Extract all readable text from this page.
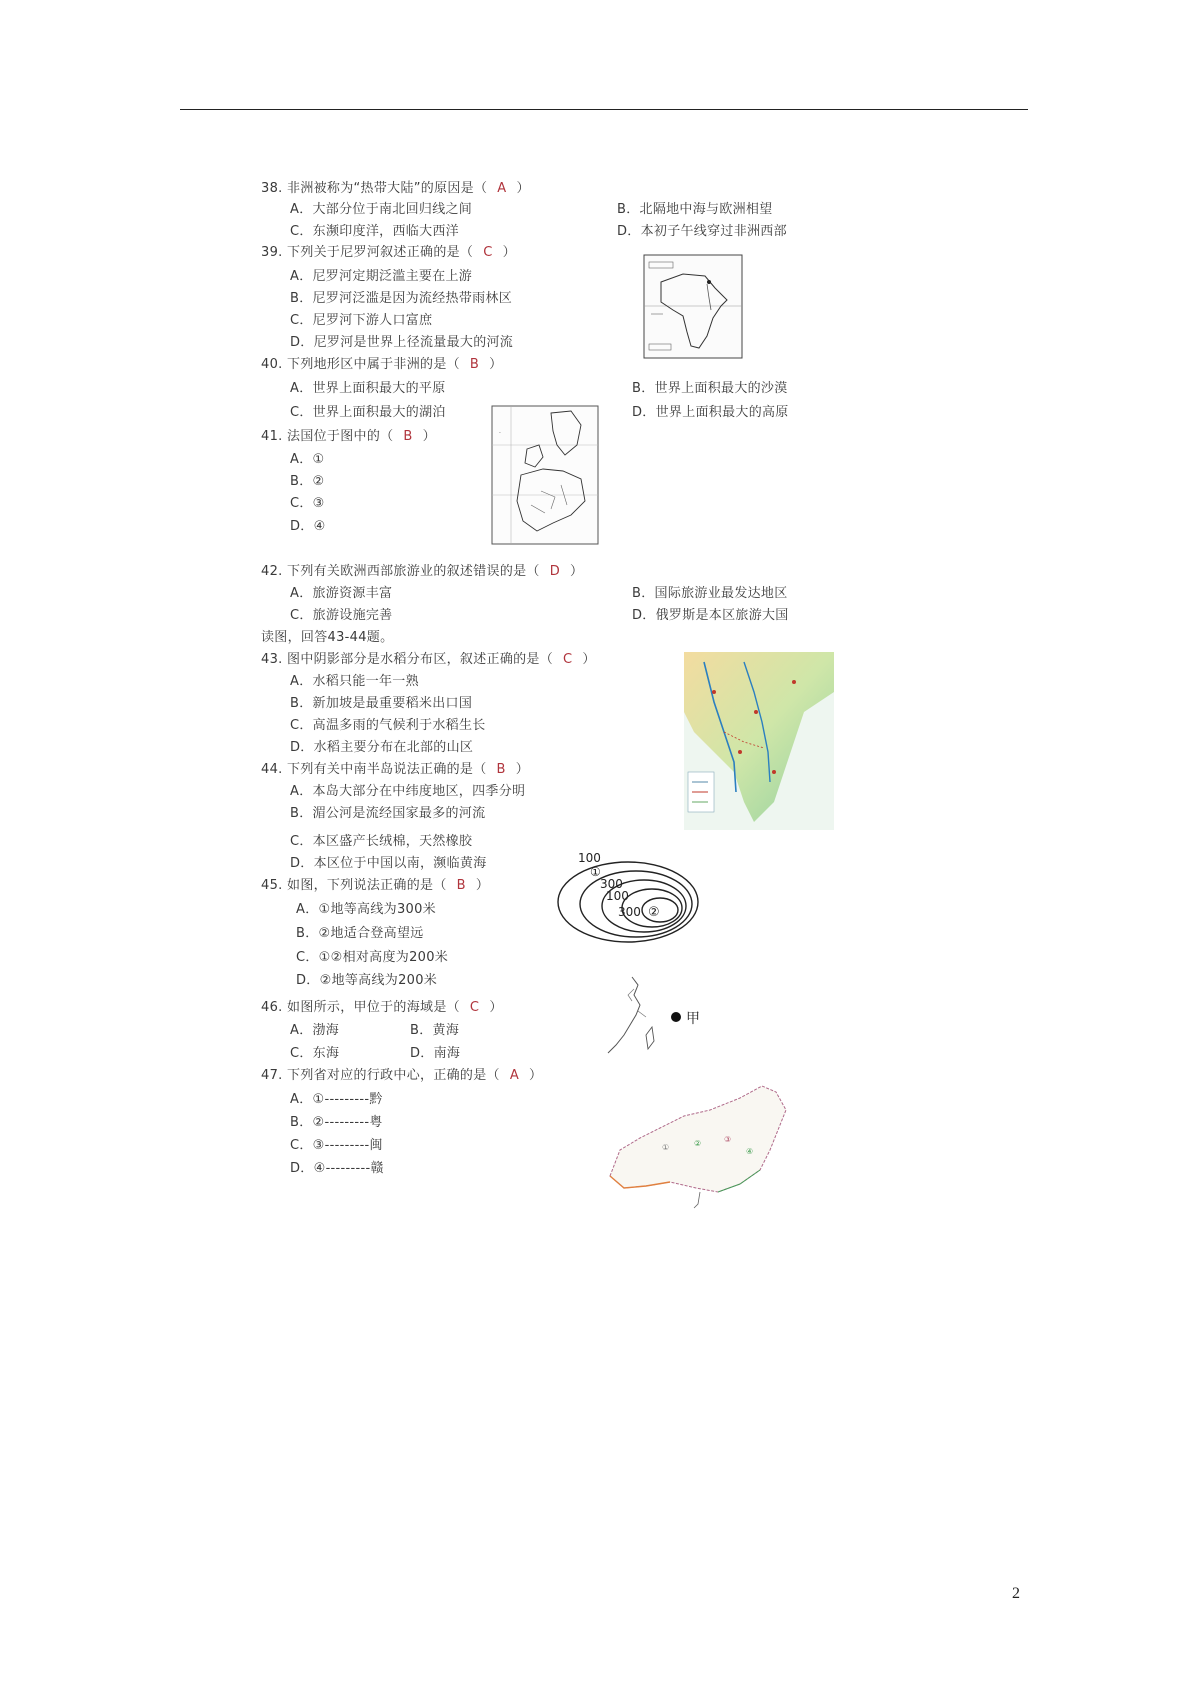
38. 非洲被称为“热带大陆”的原因是（ A ）
A．大部分位于南北回归线之间	B．北隔地中海与欧洲相望
C．东濒印度洋，西临大西洋	D．本初子午线穿过非洲西部
39. 下列关于尼罗河叙述正确的是（ C ）
A．尼罗河定期泛滥主要在上游
B．尼罗河泛滥是因为流经热带雨林区
C．尼罗河下游人口富庶
D．尼罗河是世界上径流量最大的河流
40. 下列地形区中属于非洲的是（ B ）
A．世界上面积最大的平原	B．世界上面积最大的沙漠
C．世界上面积最大的湖泊	D．世界上面积最大的高原
·
41. 法国位于图中的（ B ）
A．①
B．②
C．③
D．④
42. 下列有关欧洲西部旅游业的叙述错误的是（ D ）
A．旅游资源丰富	B．国际旅游业最发达地区
C．旅游设施完善	D．俄罗斯是本区旅游大国
读图，回答43-44题。
43. 图中阴影部分是水稻分布区，叙述正确的是（ C ）
A．水稻只能一年一熟
B．新加坡是最重要稻米出口国
C．高温多雨的气候利于水稻生长
D．水稻主要分布在北部的山区
44. 下列有关中南半岛说法正确的是（ B ）
A．本岛大部分在中纬度地区，四季分明
B．湄公河是流经国家最多的河流
C．本区盛产长绒棉，天然橡胶
D．本区位于中国以南，濒临黄海	100
①
300
100
300 ②
45. 如图，下列说法正确的是（ B ）
A．①地等高线为300米
B．②地适合登高望远
C．①②相对高度为200米
D．②地等高线为200米
甲
46. 如图所示，甲位于的海域是（ C ）
A．渤海	B．黄海
C．东海	D．南海
47. 下列省对应的行政中心，正确的是（ A ）
A．①---------黔
B．②---------粤
C．③---------闽
D．④---------赣
①	②	③
④
2
